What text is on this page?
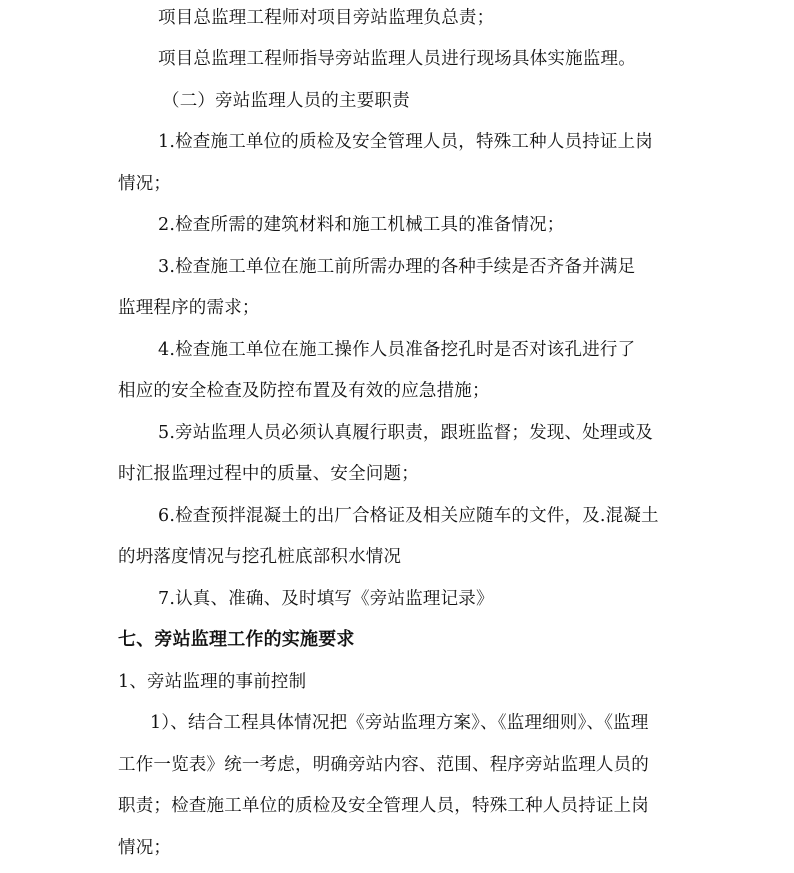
项目总监理工程师对项目旁站监理负总责；
项目总监理工程师指导旁站监理人员进行现场具体实施监理。
（二）旁站监理人员的主要职责
1.检查施工单位的质检及安全管理人员，特殊工种人员持证上岗
情况；
2.检查所需的建筑材料和施工机械工具的准备情况；
3.检查施工单位在施工前所需办理的各种手续是否齐备并满足
监理程序的需求；
4.检查施工单位在施工操作人员准备挖孔时是否对该孔进行了
相应的安全检查及防控布置及有效的应急措施；
5.旁站监理人员必须认真履行职责，跟班监督；发现、处理或及
时汇报监理过程中的质量、安全问题；
6.检查预拌混凝土的出厂合格证及相关应随车的文件，及.混凝土
的坍落度情况与挖孔桩底部积水情况
7.认真、准确、及时填写《旁站监理记录》
七、旁站监理工作的实施要求
1、旁站监理的事前控制
1）、结合工程具体情况把《旁站监理方案》、《监理细则》、《监理
工作一览表》统一考虑，明确旁站内容、范围、程序旁站监理人员的
职责；检查施工单位的质检及安全管理人员，特殊工种人员持证上岗
情况；
